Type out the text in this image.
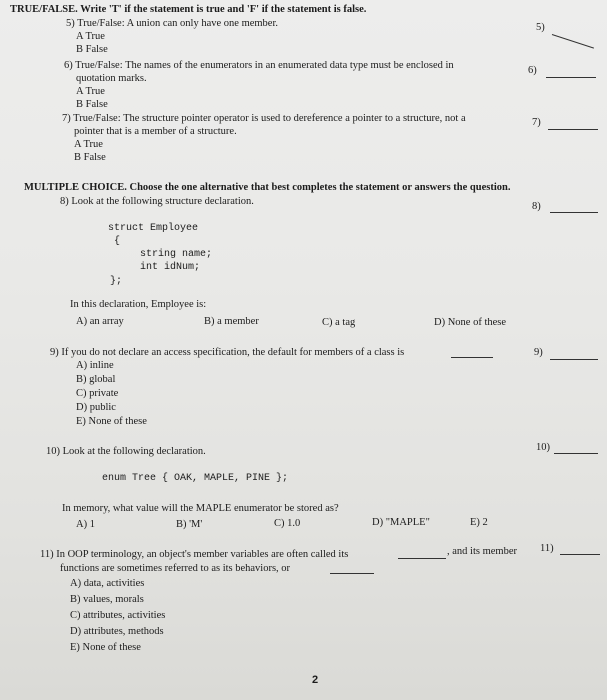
TRUE/FALSE. Write 'T' if the statement is true and 'F' if the statement is false.
5) True/False: A union can only have one member.
A True
B False
5)
6) True/False: The names of the enumerators in an enumerated data type must be enclosed in
quotation marks.
A True
B False
6)
7) True/False: The structure pointer operator is used to dereference a pointer to a structure, not a
pointer that is a member of a structure.
A True
B False
7)
MULTIPLE CHOICE. Choose the one alternative that best completes the statement or answers the question.
8) Look at the following structure declaration.	8)
struct Employee
{
string name;
int idNum;
};
In this declaration, Employee is:
A) an array	B) a member	C) a tag	D) None of these
9) If you do not declare an access specification, the default for members of a class is	9)
A) inline
B) global
C) private
D) public
E) None of these
10) Look at the following declaration.	10)
enum Tree { OAK, MAPLE, PINE };
In memory, what value will the MAPLE enumerator be stored as?
A) 1	B) 'M'	C) 1.0	D) "MAPLE"	E) 2
11) In OOP terminology, an object's member variables are often called its	, and its member 11)
functions are sometimes referred to as its behaviors, or
A) data, activities
B) values, morals
C) attributes, activities
D) attributes, methods
E) None of these
2
